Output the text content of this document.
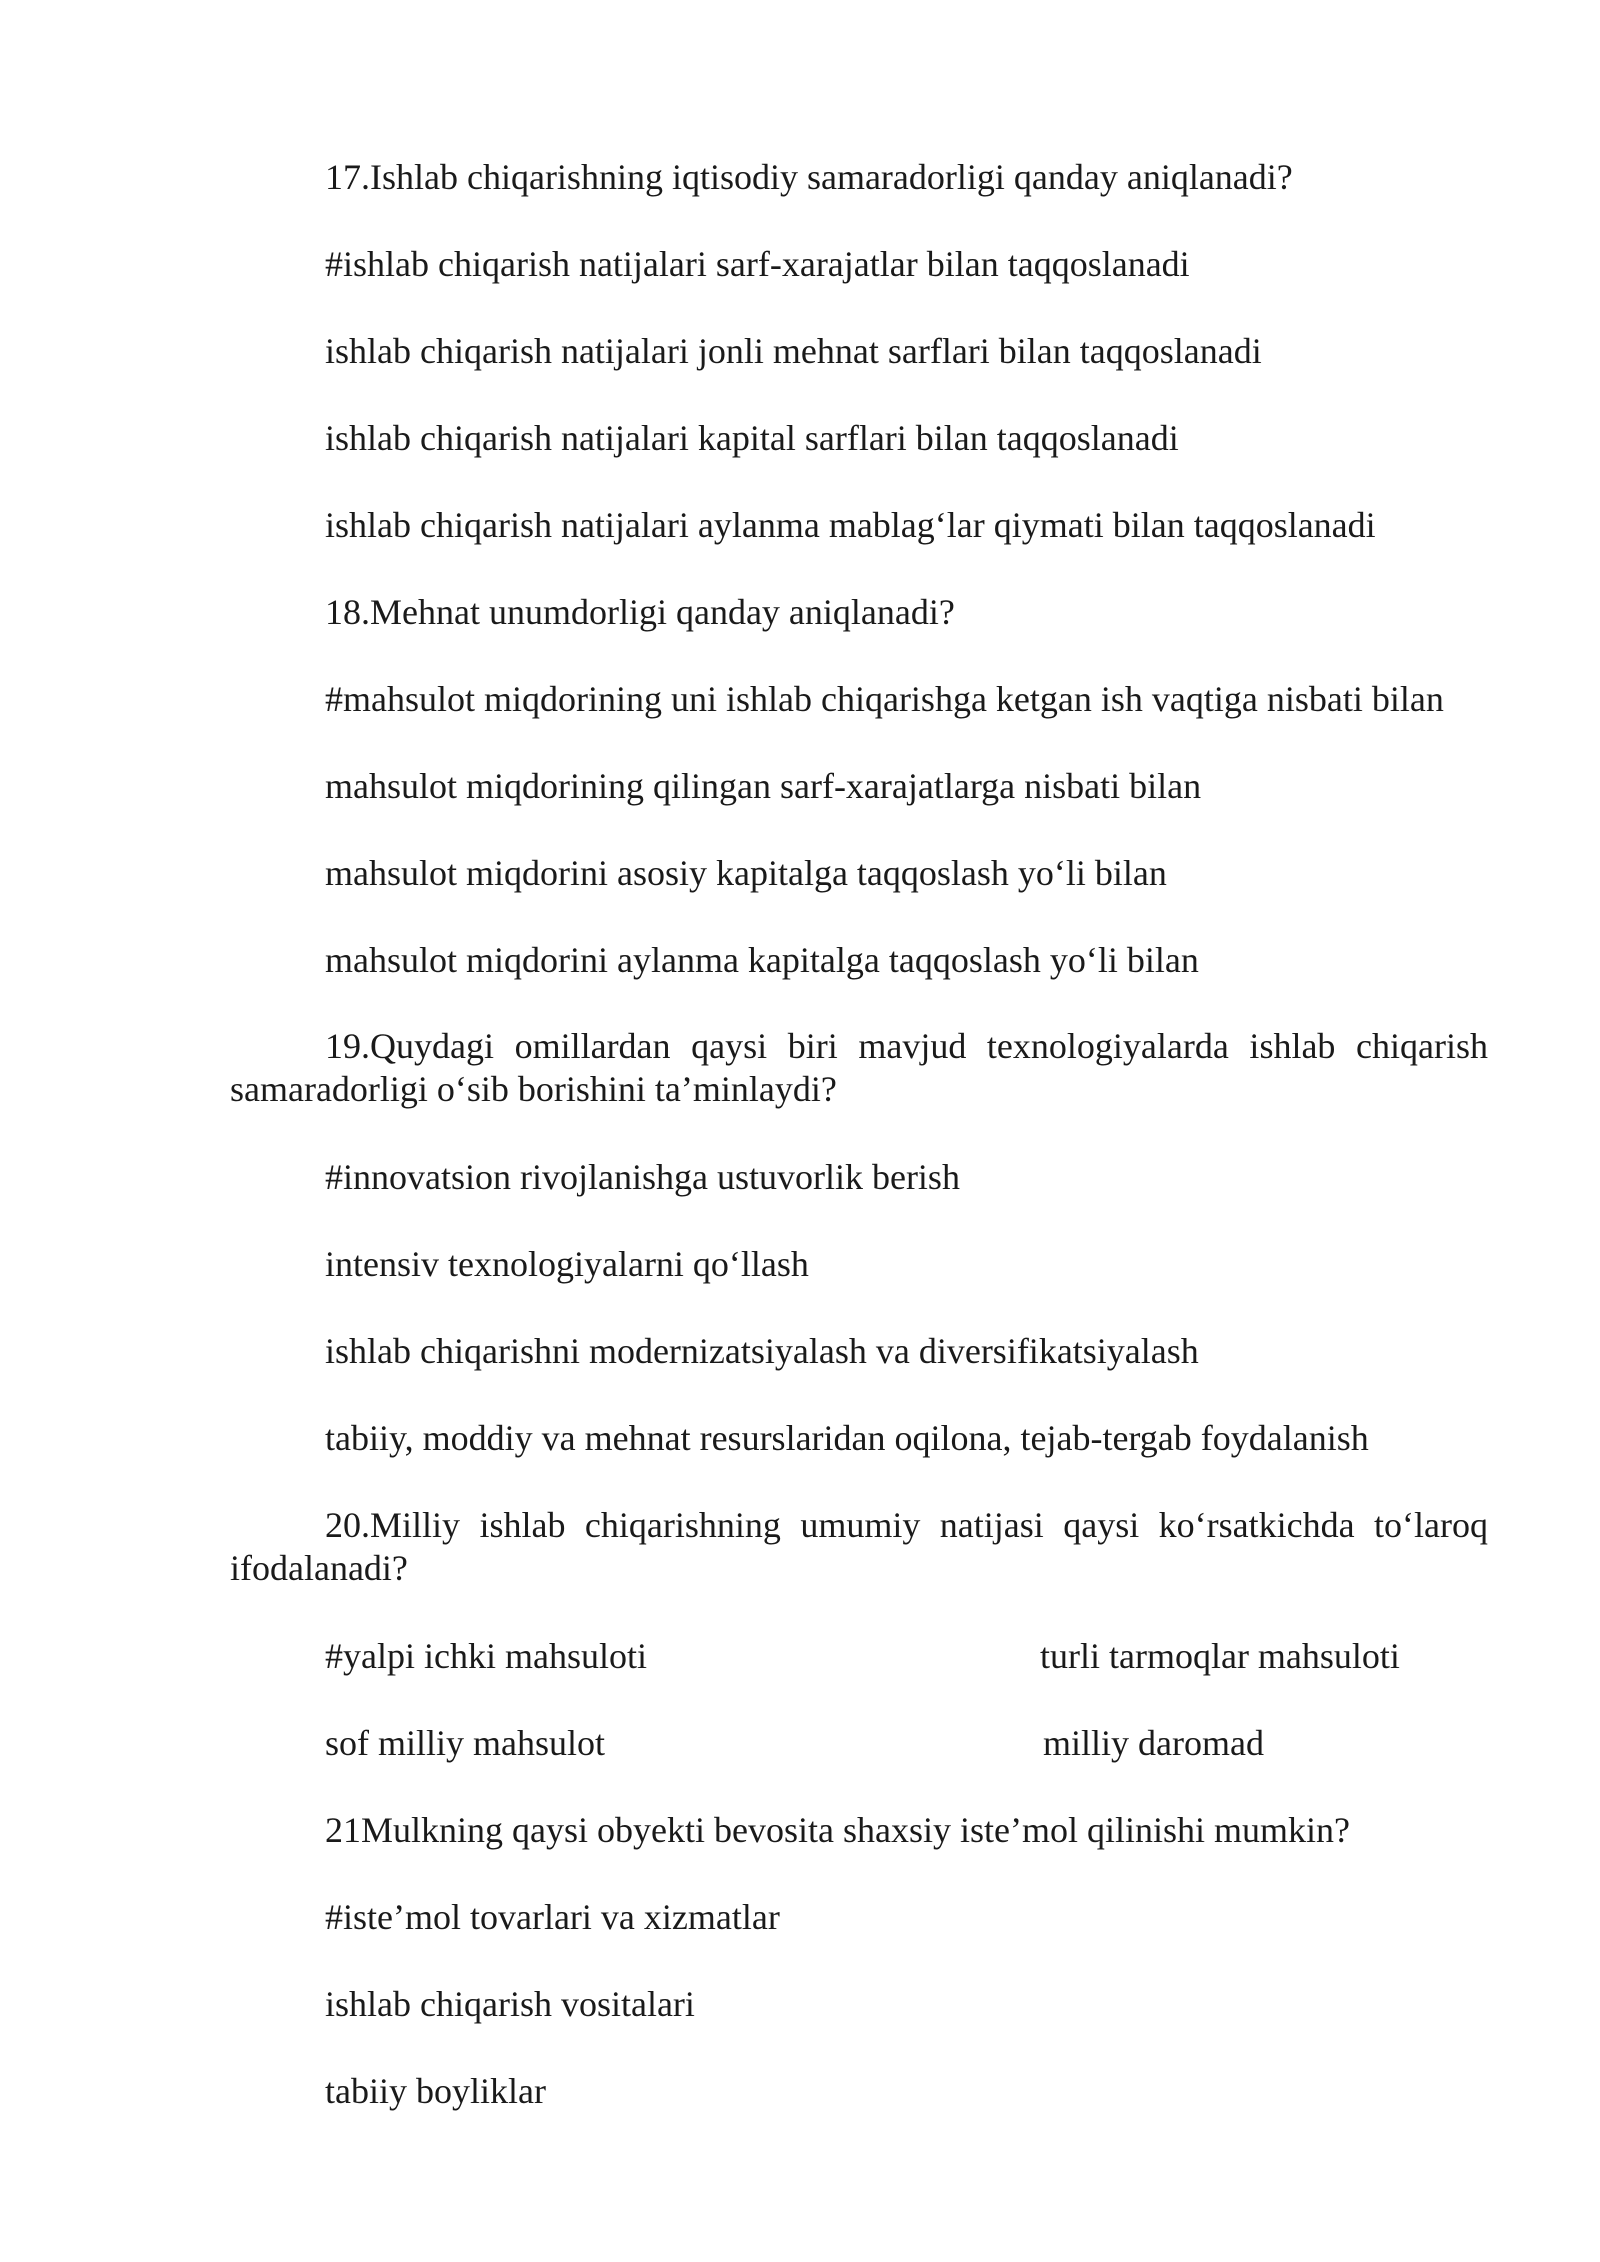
17.Ishlab chiqarishning iqtisodiy samaradorligi qanday aniqlanadi?
#ishlab chiqarish natijalari sarf-xarajatlar bilan taqqoslanadi
ishlab chiqarish natijalari jonli mehnat sarflari bilan taqqoslanadi
ishlab chiqarish natijalari kapital sarflari bilan taqqoslanadi
ishlab chiqarish natijalari aylanma mablag‘lar qiymati bilan taqqoslanadi
18.Mehnat unumdorligi qanday aniqlanadi?
#mahsulot miqdorining uni ishlab chiqarishga ketgan ish vaqtiga nisbati bilan
mahsulot miqdorining qilingan sarf-xarajatlarga nisbati bilan
mahsulot miqdorini asosiy kapitalga taqqoslash yo‘li bilan
mahsulot miqdorini aylanma kapitalga taqqoslash yo‘li bilan
19.Quydagi omillardan qaysi biri mavjud texnologiyalarda ishlab chiqarish samaradorligi o‘sib borishini ta’minlaydi?
#innovatsion rivojlanishga ustuvorlik berish
intensiv texnologiyalarni qo‘llash
ishlab chiqarishni modernizatsiyalash va diversifikatsiyalash
tabiiy, moddiy va mehnat resurslaridan oqilona, tejab-tergab foydalanish
20.Milliy ishlab chiqarishning umumiy natijasi qaysi ko‘rsatkichda to‘laroq ifodalanadi?
#yalpi ichki mahsuloti	turli tarmoqlar mahsuloti
sof milliy mahsulot	milliy daromad
21Mulkning qaysi obyekti bevosita shaxsiy iste’mol qilinishi mumkin?
#iste’mol tovarlari va xizmatlar
ishlab chiqarish vositalari
tabiiy boyliklar
